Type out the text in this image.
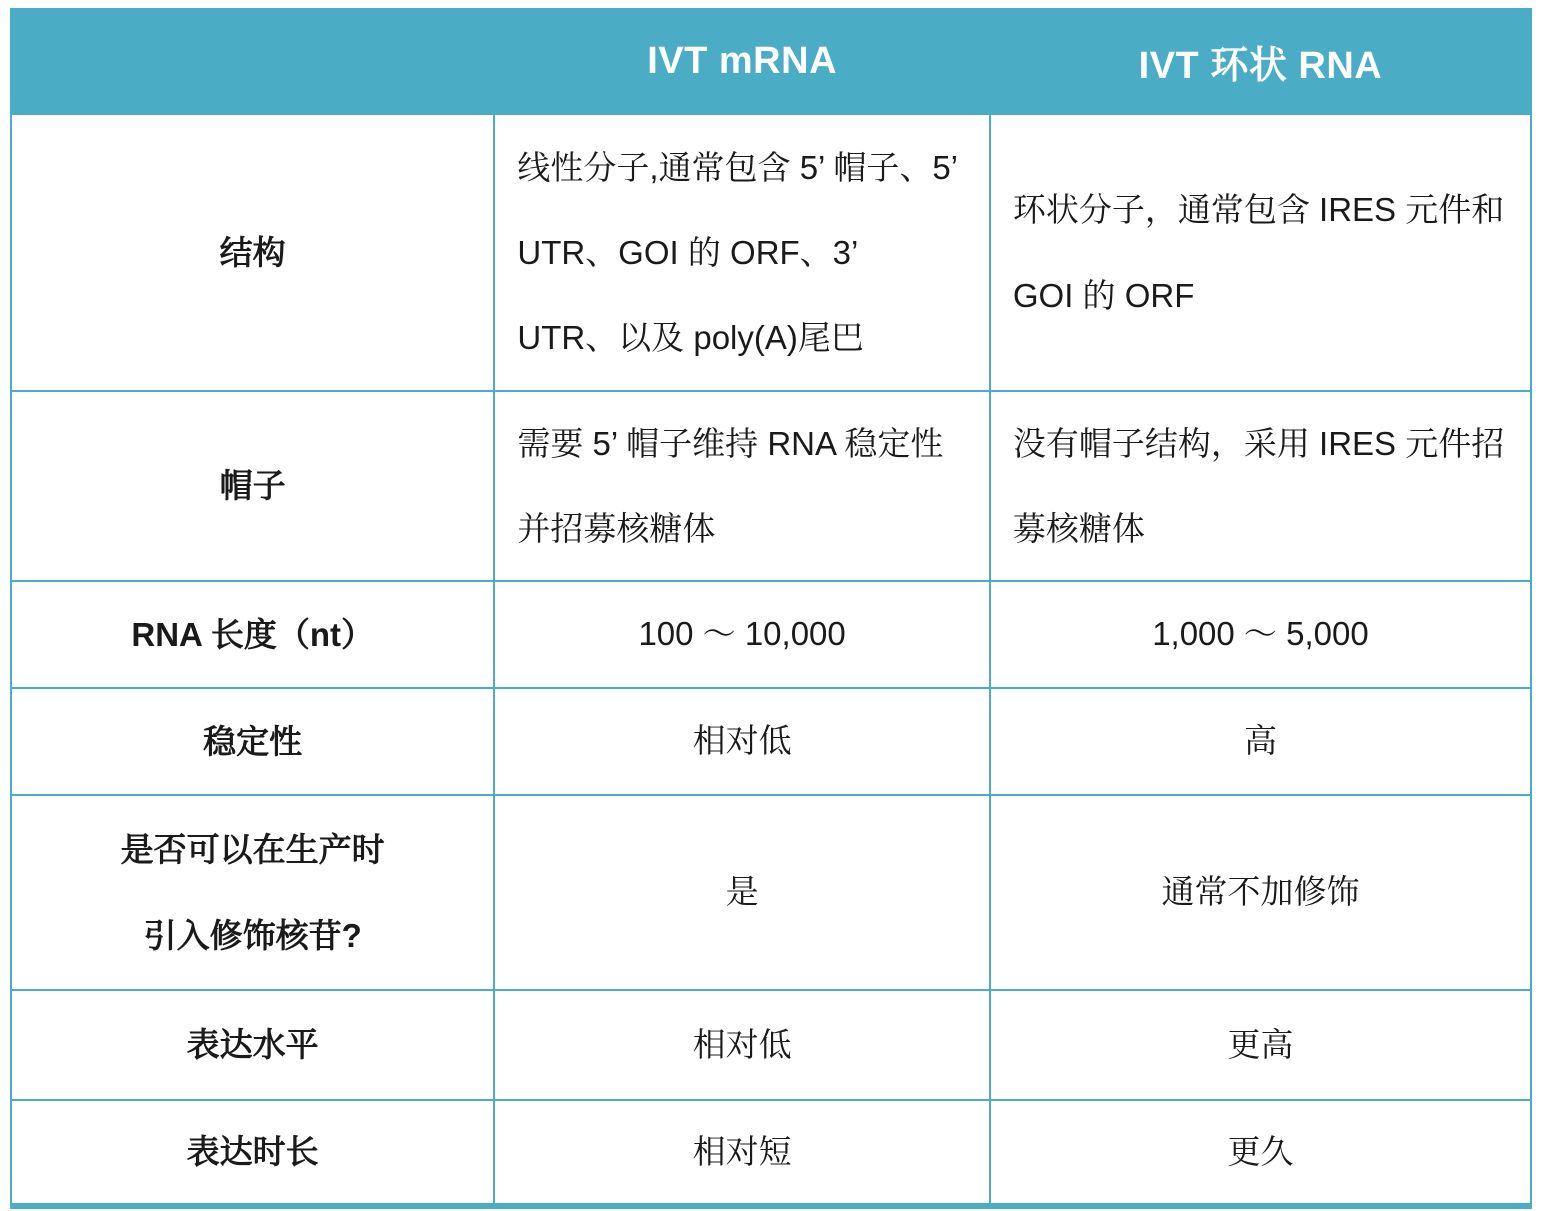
	IVT mRNA	IVT 环状 RNA

结构	线性分子,通常包含 5’ 帽子、5’ UTR、GOI 的 ORF、3’ UTR、以及 poly(A)尾巴	环状分子，通常包含 IRES 元件和 GOI 的 ORF

帽子	需要 5’ 帽子维持 RNA 稳定性并招募核糖体	没有帽子结构，采用 IRES 元件招募核糖体

RNA 长度（nt）	100 ～ 10,000	1,000 ～ 5,000

稳定性	相对低	高

是否可以在生产时
引入修饰核苷?	是	通常不加修饰

表达水平	相对低	更高

表达时长	相对短	更久
